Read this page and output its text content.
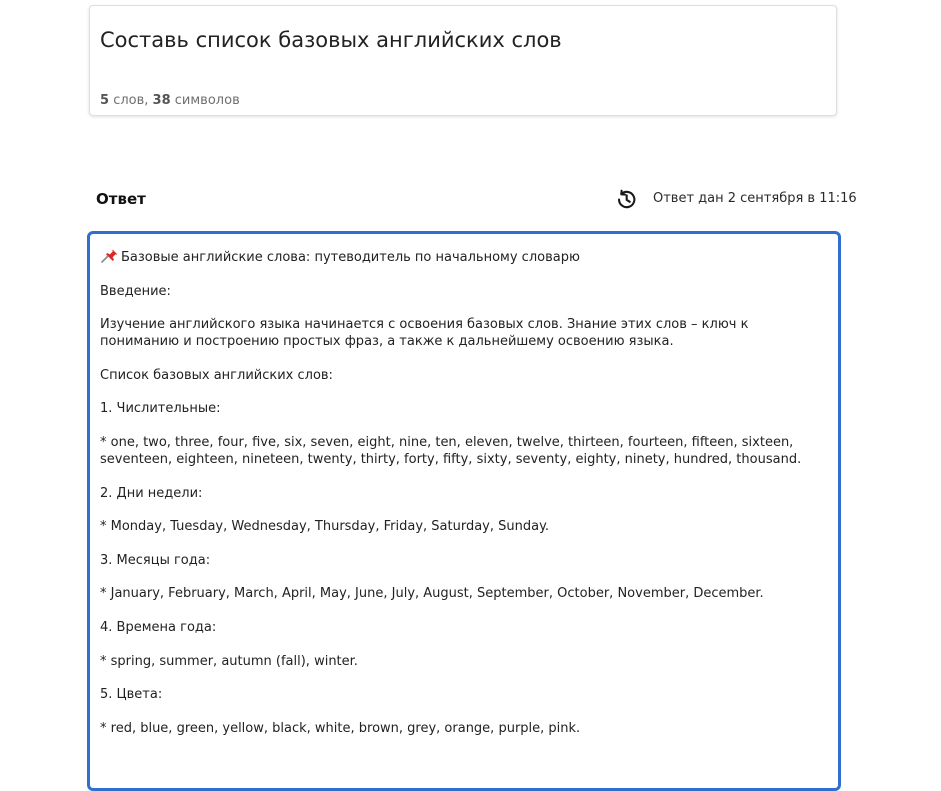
Составь список базовых английских слов
5 слов, 38 символов
Ответ	Ответ дан 2 сентября в 11:16

Базовые английские слова: путеводитель по начальному словарю

Введение:

Изучение английского языка начинается с освоения базовых слов. Знание этих слов – ключ к пониманию и построению простых фраз, а также к дальнейшему освоению языка.

Список базовых английских слов:

1. Числительные:

* one, two, three, four, five, six, seven, eight, nine, ten, eleven, twelve, thirteen, fourteen, fifteen, sixteen, seventeen, eighteen, nineteen, twenty, thirty, forty, fifty, sixty, seventy, eighty, ninety, hundred, thousand.

2. Дни недели:

* Monday, Tuesday, Wednesday, Thursday, Friday, Saturday, Sunday.

3. Месяцы года:

* January, February, March, April, May, June, July, August, September, October, November, December.

4. Времена года:

* spring, summer, autumn (fall), winter.

5. Цвета:

* red, blue, green, yellow, black, white, brown, grey, orange, purple, pink.
